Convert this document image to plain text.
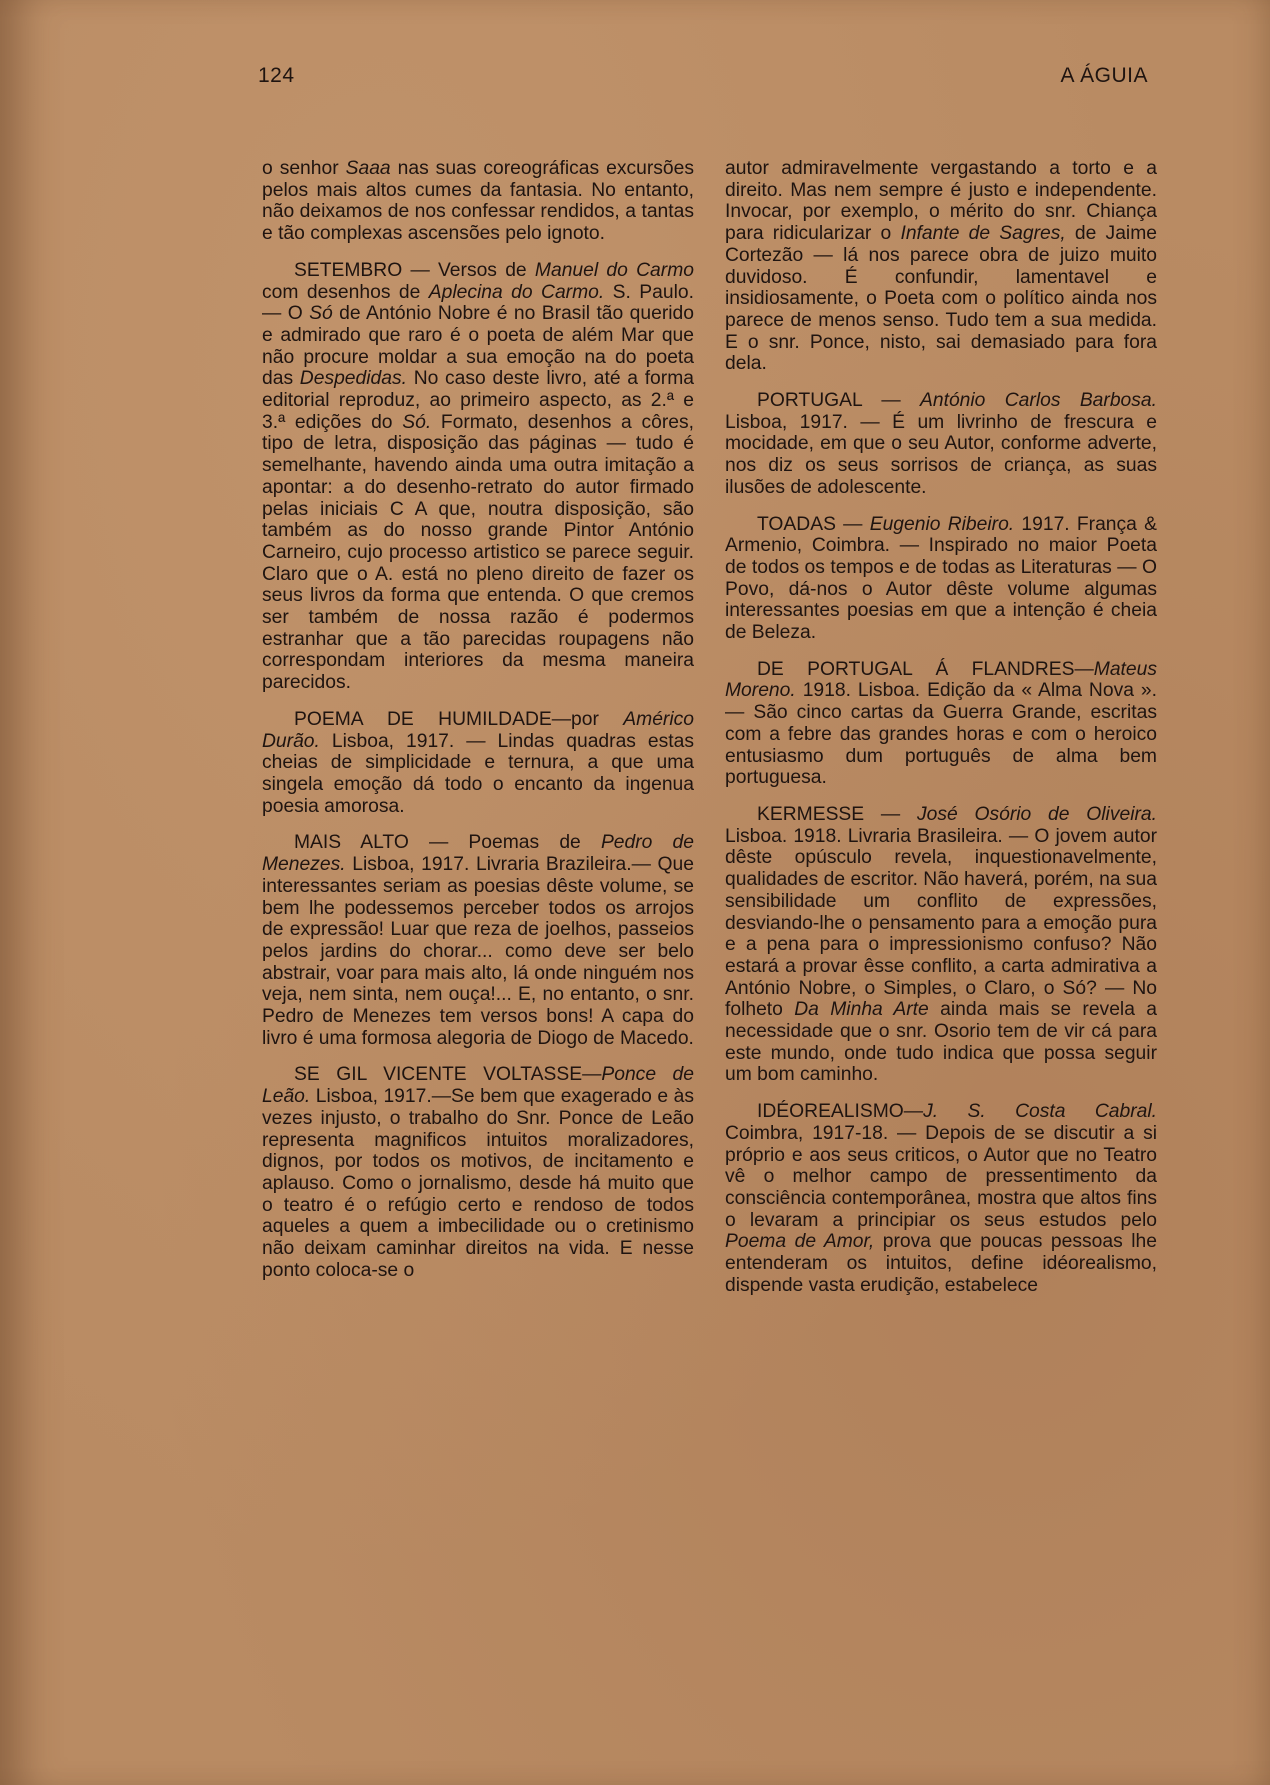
124	A ÁGUIA

o senhor Saaa nas suas coreográficas excursões pelos mais altos cumes da fantasia. No entanto, não deixamos de nos confessar rendidos, a tantas e tão complexas ascensões pelo ignoto.

SETEMBRO — Versos de Manuel do Carmo com desenhos de Aplecina do Carmo. S. Paulo. — O Só de António Nobre é no Brasil tão querido e admirado que raro é o poeta de além Mar que não procure moldar a sua emoção na do poeta das Despedidas. No caso deste livro, até a forma editorial reproduz, ao primeiro aspecto, as 2.ª e 3.ª edições do Só. Formato, desenhos a côres, tipo de letra, disposição das páginas — tudo é semelhante, havendo ainda uma outra imitação a apontar: a do desenho-retrato do autor firmado pelas iniciais C A que, noutra disposição, são também as do nosso grande Pintor António Carneiro, cujo processo artistico se parece seguir. Claro que o A. está no pleno direito de fazer os seus livros da forma que entenda. O que cremos ser também de nossa razão é podermos estranhar que a tão parecidas roupagens não correspondam interiores da mesma maneira parecidos.

POEMA DE HUMILDADE—por Américo Durão. Lisboa, 1917. — Lindas quadras estas cheias de simplicidade e ternura, a que uma singela emoção dá todo o encanto da ingenua poesia amorosa.

MAIS ALTO — Poemas de Pedro de Menezes. Lisboa, 1917. Livraria Brazileira.— Que interessantes seriam as poesias dêste volume, se bem lhe podessemos perceber todos os arrojos de expressão! Luar que reza de joelhos, passeios pelos jardins do chorar... como deve ser belo abstrair, voar para mais alto, lá onde ninguém nos veja, nem sinta, nem ouça!... E, no entanto, o snr. Pedro de Menezes tem versos bons! A capa do livro é uma formosa alegoria de Diogo de Macedo.

SE GIL VICENTE VOLTASSE—Ponce de Leão. Lisboa, 1917.—Se bem que exagerado e às vezes injusto, o trabalho do Snr. Ponce de Leão representa magnificos intuitos moralizadores, dignos, por todos os motivos, de incitamento e aplauso. Como o jornalismo, desde há muito que o teatro é o refúgio certo e rendoso de todos aqueles a quem a imbecilidade ou o cretinismo não deixam caminhar direitos na vida. E nesse ponto coloca-se o

autor admiravelmente vergastando a torto e a direito. Mas nem sempre é justo e independente. Invocar, por exemplo, o mérito do snr. Chiança para ridicularizar o Infante de Sagres, de Jaime Cortezão — lá nos parece obra de juizo muito duvidoso. É confundir, lamentavel e insidiosamente, o Poeta com o político ainda nos parece de menos senso. Tudo tem a sua medida. E o snr. Ponce, nisto, sai demasiado para fora dela.

PORTUGAL — António Carlos Barbosa. Lisboa, 1917. — É um livrinho de frescura e mocidade, em que o seu Autor, conforme adverte, nos diz os seus sorrisos de criança, as suas ilusões de adolescente.

TOADAS — Eugenio Ribeiro. 1917. França & Armenio, Coimbra. — Inspirado no maior Poeta de todos os tempos e de todas as Literaturas — O Povo, dá-nos o Autor dêste volume algumas interessantes poesias em que a intenção é cheia de Beleza.

DE PORTUGAL Á FLANDRES—Mateus Moreno. 1918. Lisboa. Edição da « Alma Nova ». — São cinco cartas da Guerra Grande, escritas com a febre das grandes horas e com o heroico entusiasmo dum português de alma bem portuguesa.

KERMESSE — José Osório de Oliveira. Lisboa. 1918. Livraria Brasileira. — O jovem autor dêste opúsculo revela, inquestionavelmente, qualidades de escritor. Não haverá, porém, na sua sensibilidade um conflito de expressões, desviando-lhe o pensamento para a emoção pura e a pena para o impressionismo confuso? Não estará a provar êsse conflito, a carta admirativa a António Nobre, o Simples, o Claro, o Só? — No folheto Da Minha Arte ainda mais se revela a necessidade que o snr. Osorio tem de vir cá para este mundo, onde tudo indica que possa seguir um bom caminho.

IDÉOREALISMO—J. S. Costa Cabral. Coimbra, 1917-18. — Depois de se discutir a si próprio e aos seus criticos, o Autor que no Teatro vê o melhor campo de pressentimento da consciência contemporânea, mostra que altos fins o levaram a principiar os seus estudos pelo Poema de Amor, prova que poucas pessoas lhe entenderam os intuitos, define idéorealismo, dispende vasta erudição, estabelece
